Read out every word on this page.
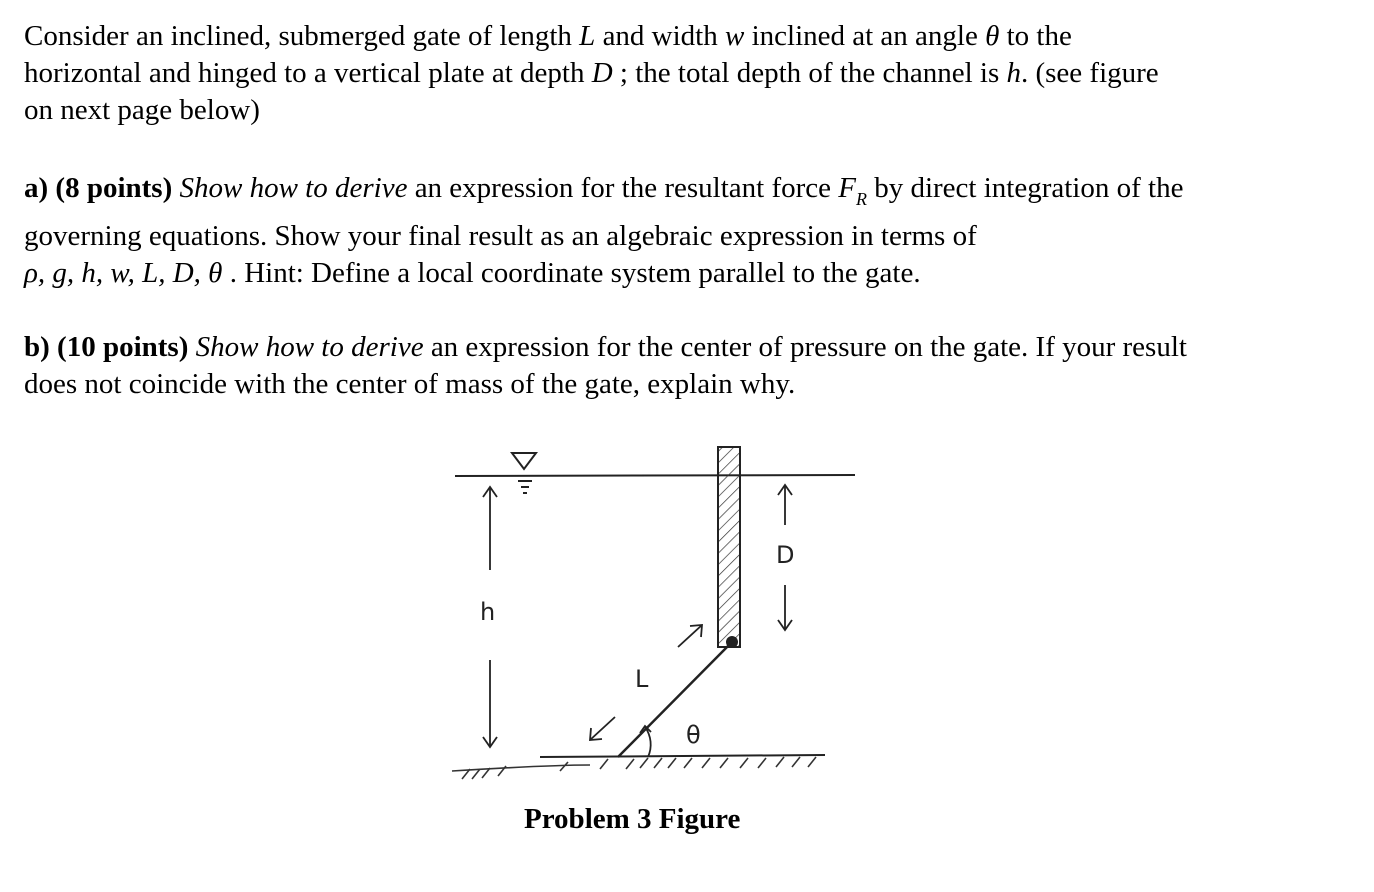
Consider an inclined, submerged gate of length L and width w inclined at an angle θ to the
horizontal and hinged to a vertical plate at depth D ; the total depth of the channel is h. (see figure
on next page below)
a) (8 points) Show how to derive an expression for the resultant force $F_R$ by direct integration of the
governing equations. Show your final result as an algebraic expression in terms of
ρ, g, h, w, L, D, θ . Hint: Define a local coordinate system parallel to the gate.
b) (10 points) Show how to derive an expression for the center of pressure on the gate. If your result
does not coincide with the center of mass of the gate, explain why.
h
D
L
θ
Problem 3 Figure
